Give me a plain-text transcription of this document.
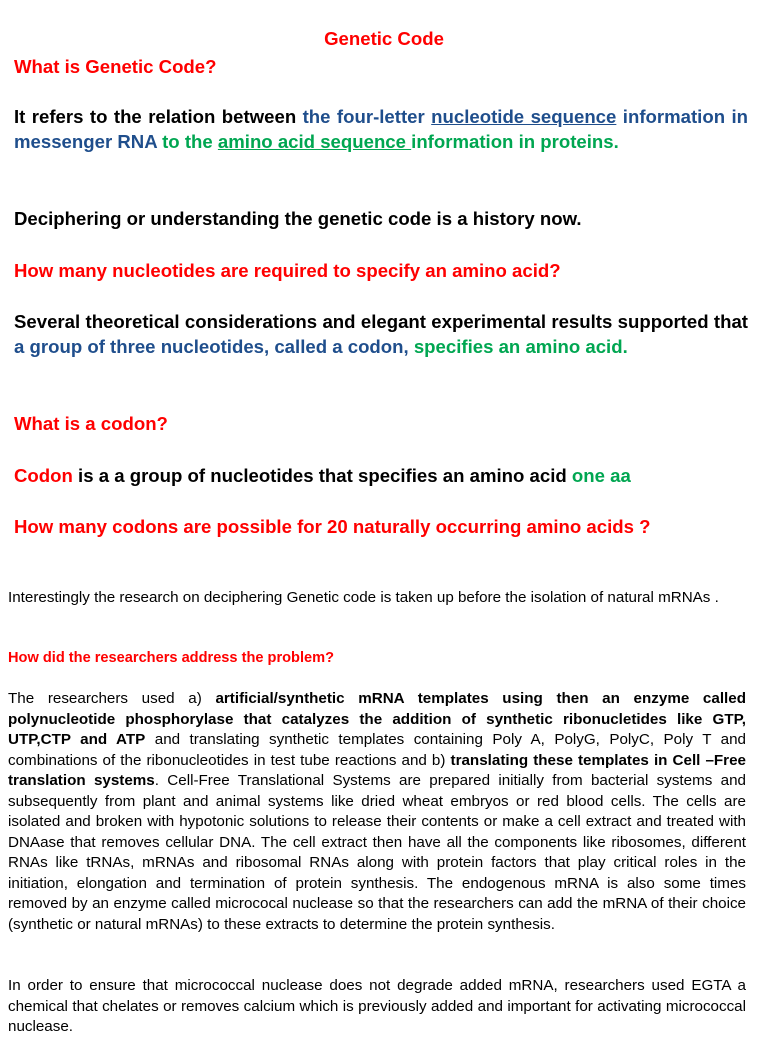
Genetic Code
What is Genetic Code?
It refers to the relation between the four-letter nucleotide sequence information in messenger RNA to the amino acid sequence information in proteins.
Deciphering or understanding the genetic code is a history now.
How many nucleotides are required to specify an amino acid?
Several theoretical considerations and elegant experimental results supported that a group of three nucleotides, called a codon, specifies an amino acid.
What is a codon?
Codon is a a group of nucleotides that specifies an amino acid one aa
How many codons are possible for 20 naturally occurring amino acids ?
Interestingly the research on deciphering Genetic code is taken up before the isolation of natural mRNAs .
How did the researchers address the problem?
The researchers used a) artificial/synthetic mRNA templates using then an enzyme called polynucleotide phosphorylase that catalyzes the addition of synthetic ribonucletides like GTP, UTP,CTP and ATP and translating synthetic templates containing Poly A, PolyG, PolyC, Poly T and combinations of the ribonucleotides in test tube reactions and b) translating these templates in Cell –Free translation systems. Cell-Free Translational Systems are prepared initially from bacterial systems and subsequently from plant and animal systems like dried wheat embryos or red blood cells. The cells are isolated and broken with hypotonic solutions to release their contents or make a cell extract and treated with DNAase that removes cellular DNA. The cell extract then have all the components like ribosomes, different RNAs like tRNAs, mRNAs and ribosomal RNAs along with protein factors that play critical roles in the initiation, elongation and termination of protein synthesis. The endogenous mRNA is also some times removed by an enzyme called micrococal nuclease so that the researchers can add the mRNA of their choice (synthetic or natural mRNAs) to these extracts to determine the protein synthesis.
In order to ensure that micrococcal nuclease does not degrade added mRNA, researchers used EGTA a chemical that chelates or removes calcium which is previously added and important for activating micrococcal nuclease.
